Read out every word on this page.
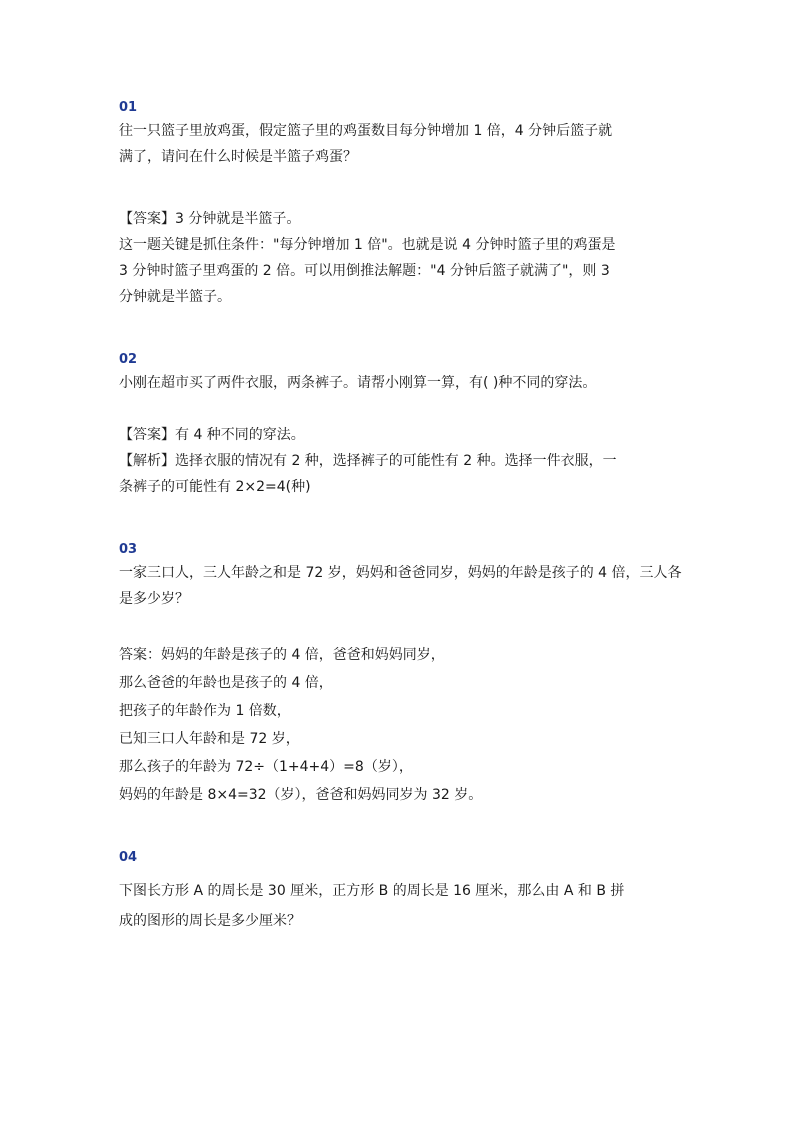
01
往一只篮子里放鸡蛋，假定篮子里的鸡蛋数目每分钟增加 1 倍，4 分钟后篮子就
满了，请问在什么时候是半篮子鸡蛋？
【答案】3 分钟就是半篮子。
这一题关键是抓住条件："每分钟增加 1 倍"。也就是说 4 分钟时篮子里的鸡蛋是
3 分钟时篮子里鸡蛋的 2 倍。可以用倒推法解题："4 分钟后篮子就满了"，则 3
分钟就是半篮子。
02
小刚在超市买了两件衣服，两条裤子。请帮小刚算一算，有( )种不同的穿法。
【答案】有 4 种不同的穿法。
【解析】选择衣服的情况有 2 种，选择裤子的可能性有 2 种。选择一件衣服，一
条裤子的可能性有 2×2=4(种)
03
一家三口人，三人年龄之和是 72 岁，妈妈和爸爸同岁，妈妈的年龄是孩子的 4 倍，三人各
是多少岁？
答案：妈妈的年龄是孩子的 4 倍，爸爸和妈妈同岁，
那么爸爸的年龄也是孩子的 4 倍，
把孩子的年龄作为 1 倍数，
已知三口人年龄和是 72 岁，
那么孩子的年龄为 72÷（1+4+4）=8（岁），
妈妈的年龄是 8×4=32（岁），爸爸和妈妈同岁为 32 岁。
04
下图长方形 A 的周长是 30 厘米，正方形 B 的周长是 16 厘米，那么由 A 和 B 拼
成的图形的周长是多少厘米？
